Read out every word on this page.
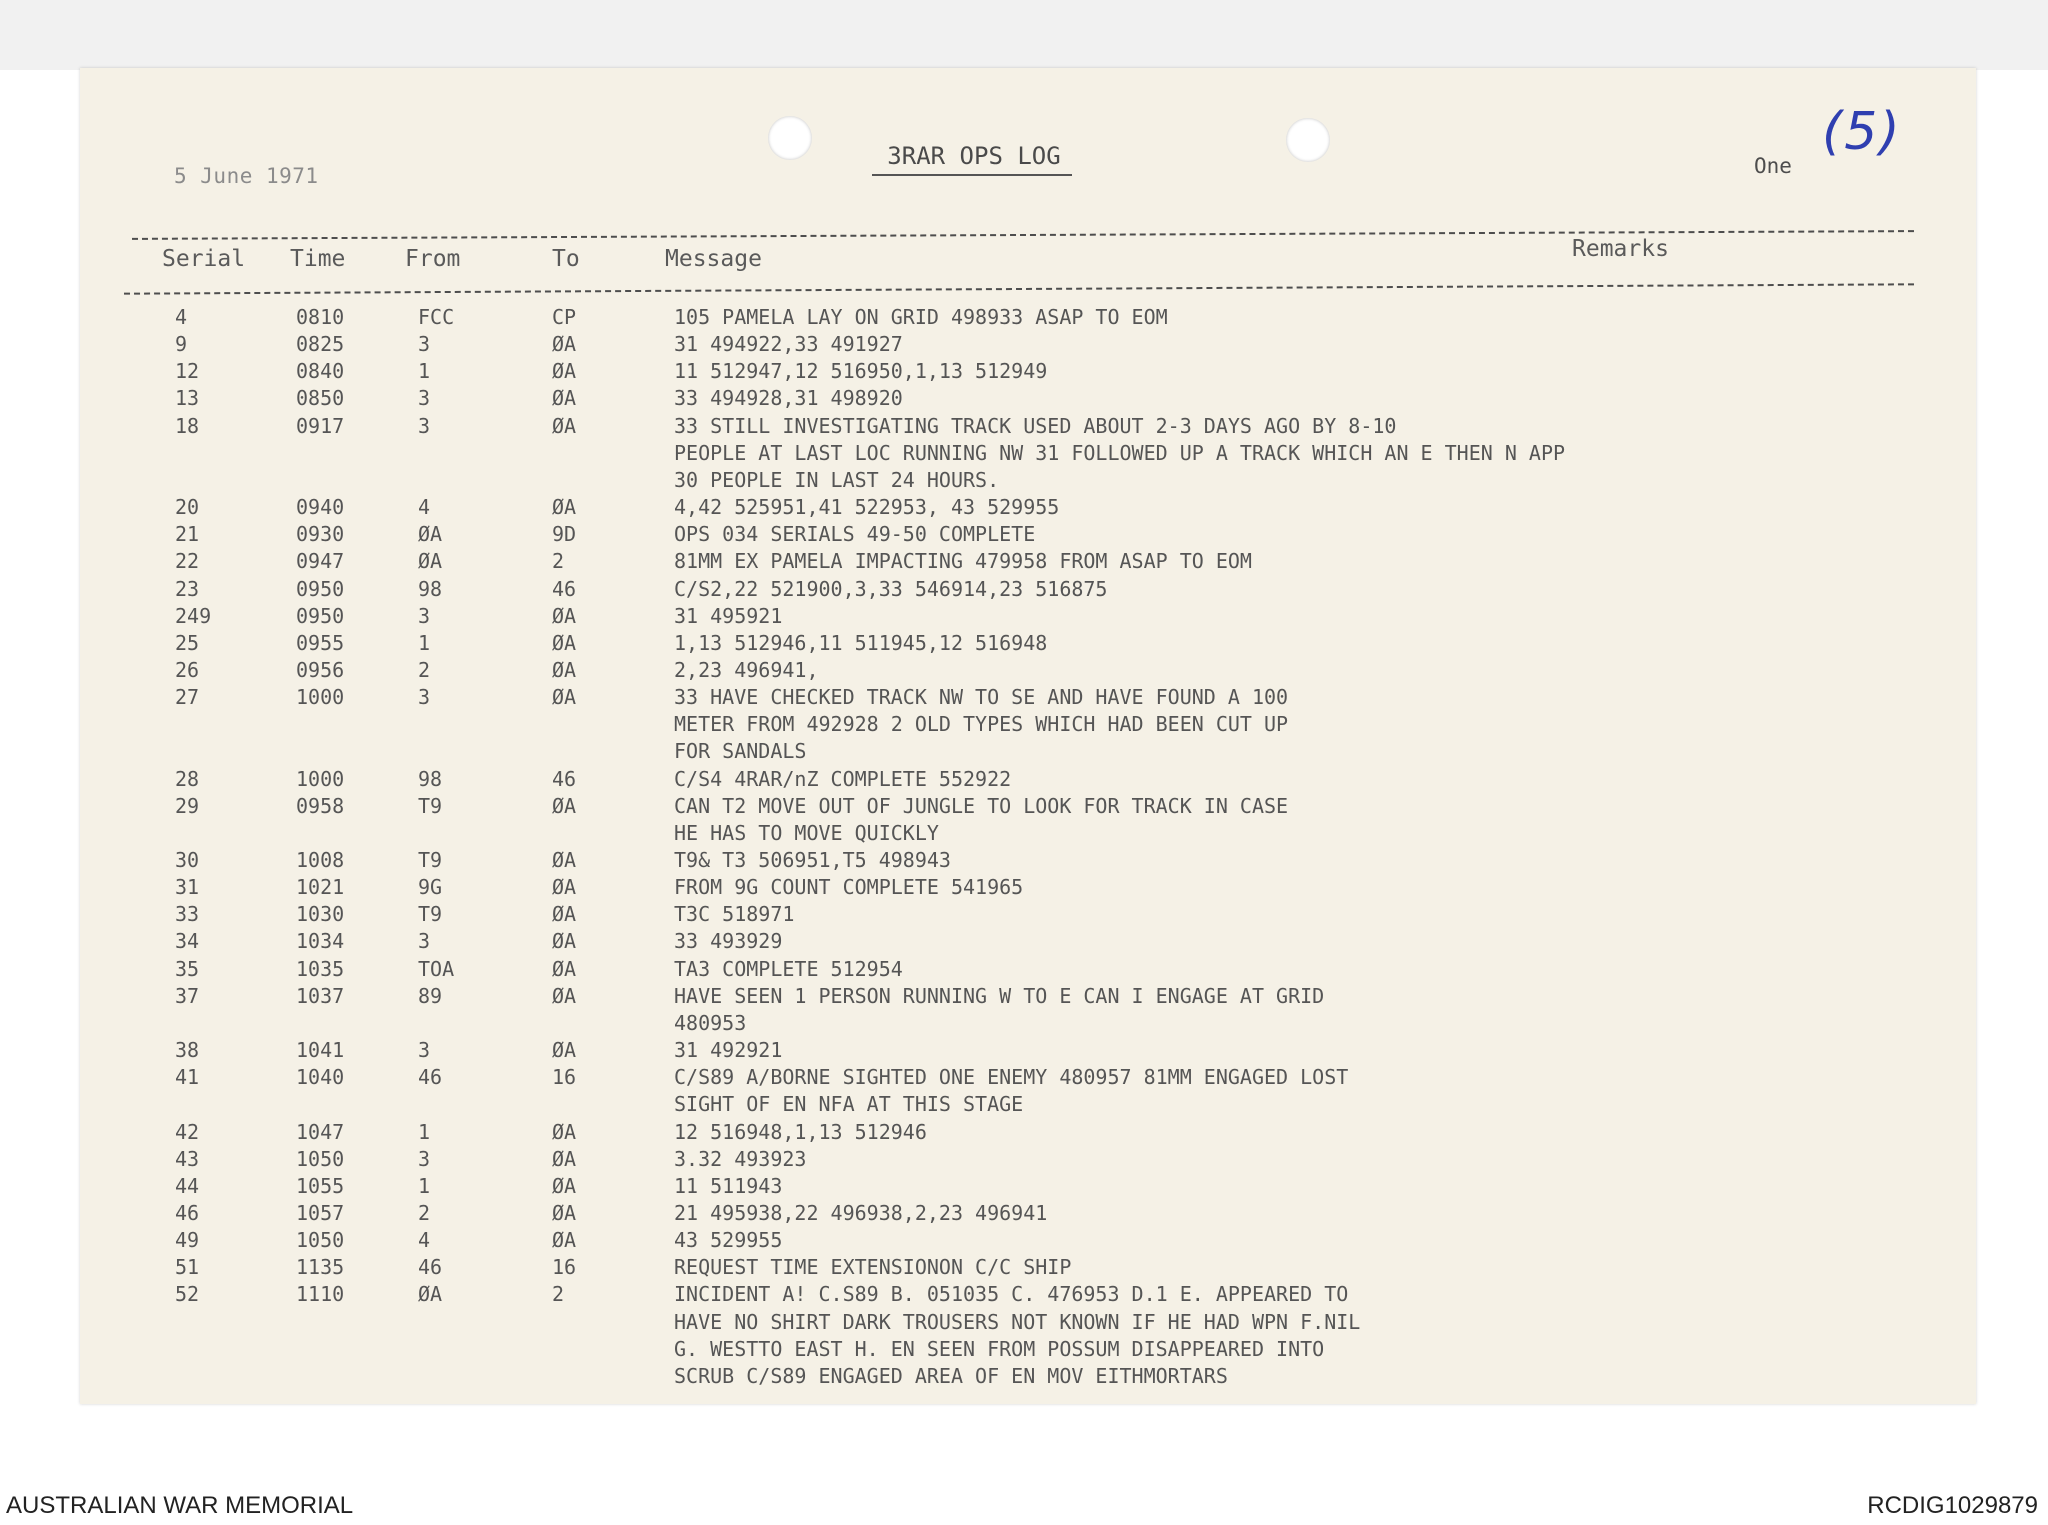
5 June 1971
3RAR OPS LOG	One
(5)
Serial Time	From	To	Message	Remarks
4	0810	FCC	CP	105 PAMELA LAY ON GRID 498933 ASAP TO EOM
9	0825	3	ØA	31 494922,33 491927
12	0840	1	ØA	11 512947,12 516950,1,13 512949
13	0850	3	ØA	33 494928,31 498920
18	0917	3	ØA	33 STILL INVESTIGATING TRACK USED ABOUT 2-3 DAYS AGO BY 8-10
PEOPLE AT LAST LOC RUNNING NW 31 FOLLOWED UP A TRACK WHICH AN E THEN N APP
30 PEOPLE IN LAST 24 HOURS.
20	0940	4	ØA	4,42 525951,41 522953, 43 529955
21	0930	ØA	9D	OPS 034 SERIALS 49-50 COMPLETE
22	0947	ØA	2	81MM EX PAMELA IMPACTING 479958 FROM ASAP TO EOM
23	0950	98	46	C/S2,22 521900,3,33 546914,23 516875
249	0950	3	ØA	31 495921
25	0955	1	ØA	1,13 512946,11 511945,12 516948
26	0956	2	ØA	2,23 496941,
27	1000	3	ØA	33 HAVE CHECKED TRACK NW TO SE AND HAVE FOUND A 100
METER FROM 492928 2 OLD TYPES WHICH HAD BEEN CUT UP
FOR SANDALS
28	1000	98	46	C/S4 4RAR/nZ COMPLETE 552922
29	0958	T9	ØA	CAN T2 MOVE OUT OF JUNGLE TO LOOK FOR TRACK IN CASE
HE HAS TO MOVE QUICKLY
30	1008	T9	ØA	T9& T3 506951,T5 498943
31	1021	9G	ØA	FROM 9G COUNT COMPLETE 541965
33	1030	T9	ØA	T3C 518971
34	1034	3	ØA	33 493929
35	1035	TOA	ØA	TA3 COMPLETE 512954
37	1037	89	ØA	HAVE SEEN 1 PERSON RUNNING W TO E CAN I ENGAGE AT GRID
480953
38	1041	3	ØA	31 492921
41	1040	46	16	C/S89 A/BORNE SIGHTED ONE ENEMY 480957 81MM ENGAGED LOST
SIGHT OF EN NFA AT THIS STAGE
42	1047	1	ØA	12 516948,1,13 512946
43	1050	3	ØA	3.32 493923
44	1055	1	ØA	11 511943
46	1057	2	ØA	21 495938,22 496938,2,23 496941
49	1050	4	ØA	43 529955
51	1135	46	16	REQUEST TIME EXTENSIONON C/C SHIP
52	1110	ØA	2	INCIDENT A! C.S89 B. 051035 C. 476953 D.1 E. APPEARED TO
HAVE NO SHIRT DARK TROUSERS NOT KNOWN IF HE HAD WPN F.NIL
G. WESTTO EAST H. EN SEEN FROM POSSUM DISAPPEARED INTO
SCRUB C/S89 ENGAGED AREA OF EN MOV EITHMORTARS
AUSTRALIAN WAR MEMORIAL	RCDIG1029879
